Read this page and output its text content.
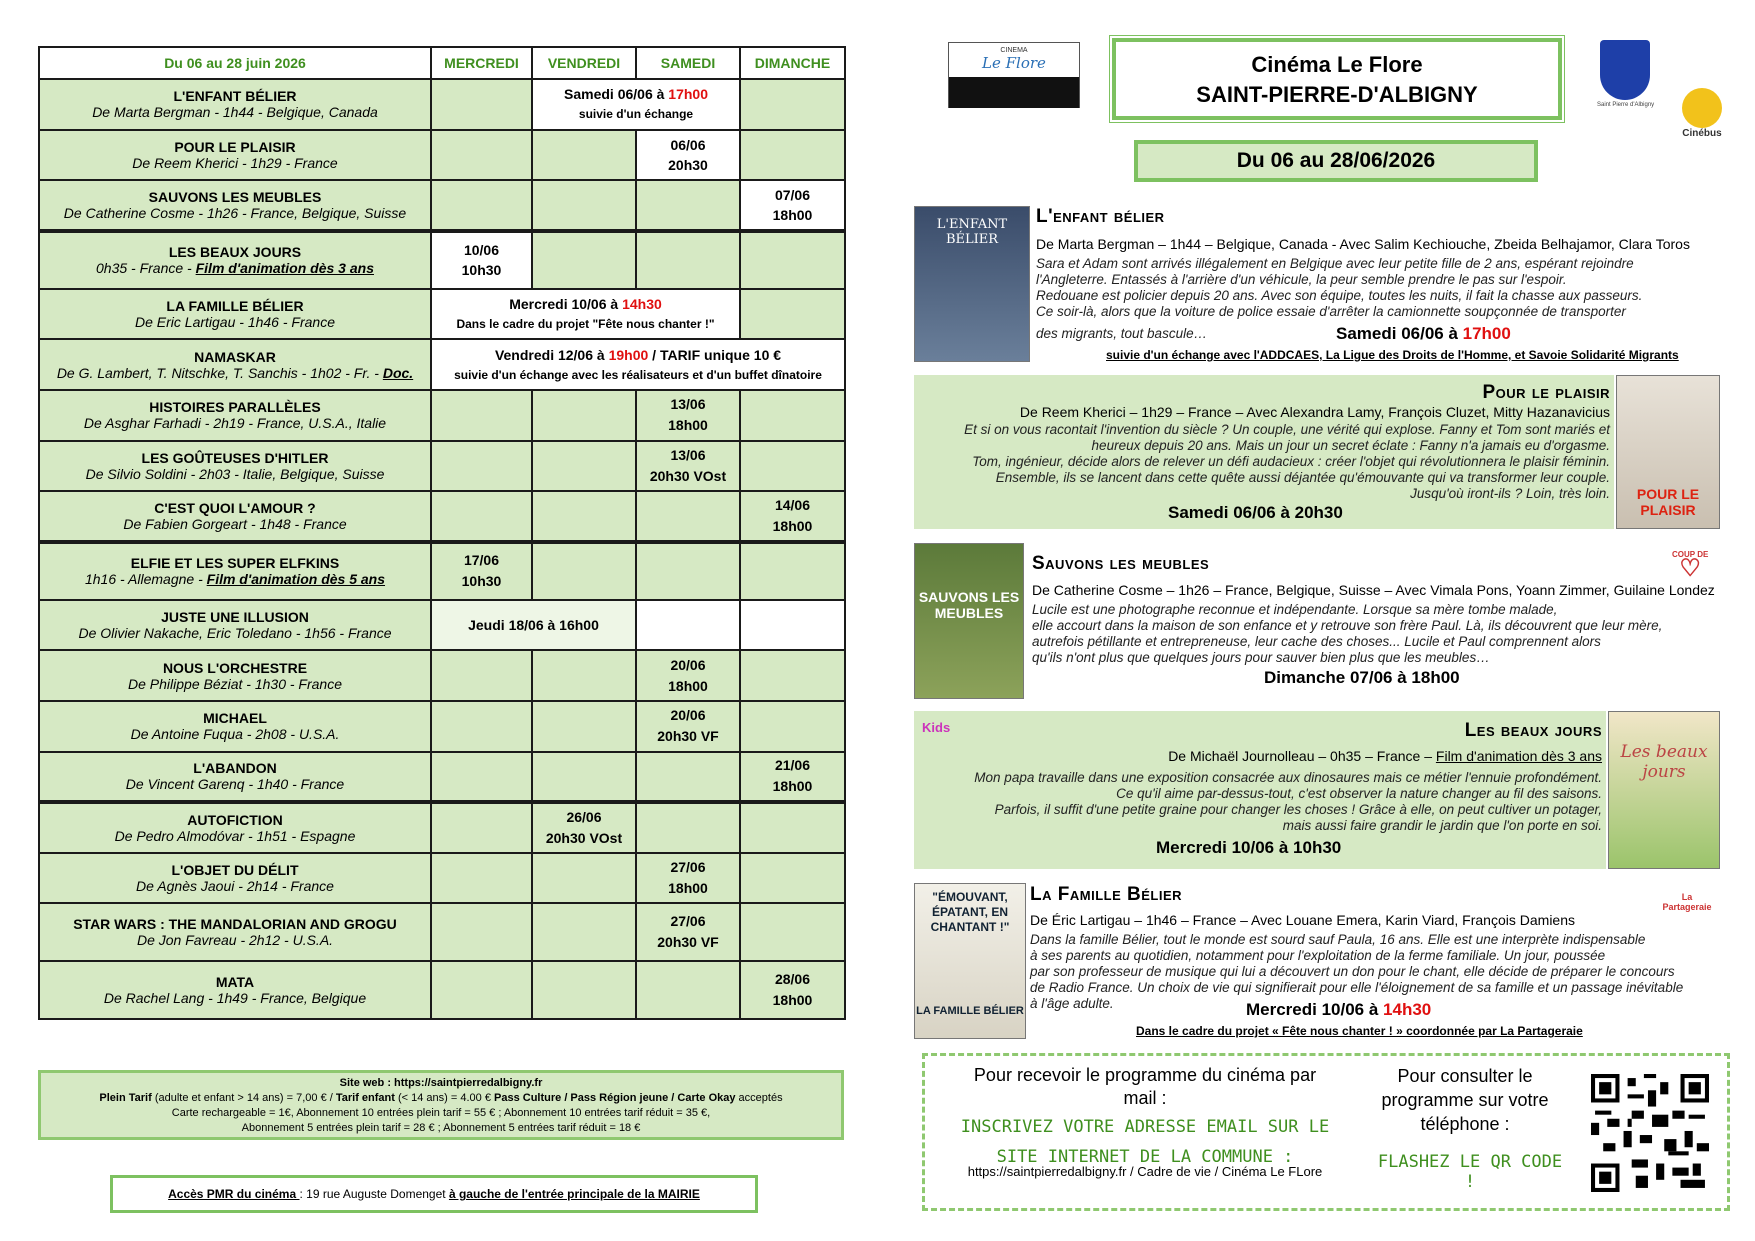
Du 06 au 28 juin 2026	MERCREDI	VENDREDI	SAMEDI	DIMANCHE

L'ENFANT BÉLIER
De Marta Bergman - 1h44 - Belgique, Canada		Samedi 06/06 à 17h00
suivie d'un échange		

POUR LE PLAISIR
De Reem Kherici - 1h29 - France			06/06
20h30	

SAUVONS LES MEUBLES
De Catherine Cosme - 1h26 - France, Belgique, Suisse				07/06
18h00

LES BEAUX JOURS
0h35 - France - Film d'animation dès 3 ans	10/06
10h30			

LA FAMILLE BÉLIER
De Eric Lartigau - 1h46 - France	Mercredi 10/06 à 14h30
Dans le cadre du projet "Fête nous chanter !"			

NAMASKAR
De G. Lambert, T. Nitschke, T. Sanchis - 1h02 - Fr. - Doc.	Vendredi 12/06 à 19h00 / TARIF unique 10 €
suivie d'un échange avec les réalisateurs et d'un buffet dînatoire			

HISTOIRES PARALLÈLES
De Asghar Farhadi - 2h19 - France, U.S.A., Italie			13/06
18h00	

LES GOÛTEUSES D'HITLER
De Silvio Soldini - 2h03 - Italie, Belgique, Suisse			13/06
20h30 VOst	

C'EST QUOI L'AMOUR ?
De Fabien Gorgeart - 1h48 - France				14/06
18h00

ELFIE ET LES SUPER ELFKINS
1h16 - Allemagne - Film d'animation dès 5 ans	17/06
10h30			

JUSTE UNE ILLUSION
De Olivier Nakache, Eric Toledano - 1h56 - France	Jeudi 18/06 à 16h00			

NOUS L'ORCHESTRE
De Philippe Béziat - 1h30 - France			20/06
18h00	

MICHAEL
De Antoine Fuqua - 2h08 - U.S.A.			20/06
20h30 VF	

L'ABANDON
De Vincent Garenq - 1h40 - France				21/06
18h00

AUTOFICTION
De Pedro Almodóvar - 1h51 - Espagne		26/06
20h30 VOst		

L'OBJET DU DÉLIT
De Agnès Jaoui - 2h14 - France			27/06
18h00	

STAR WARS : THE MANDALORIAN AND GROGU
De Jon Favreau - 2h12 - U.S.A.			27/06
20h30 VF	

MATA
De Rachel Lang - 1h49 - France, Belgique				28/06
18h00
Site web : https://saintpierredalbigny.fr
Plein Tarif (adulte et enfant > 14 ans) = 7,00 € / Tarif enfant (< 14 ans) = 4.00 € Pass Culture / Pass Région jeune / Carte Okay acceptés
Carte rechargeable = 1€, Abonnement 10 entrées plein tarif = 55 € ; Abonnement 10 entrées tarif réduit = 35 €,
Abonnement 5 entrées plein tarif = 28 € ; Abonnement 5 entrées tarif réduit = 18 €
Accès PMR du cinéma : 19 rue Auguste Domenget à gauche de l'entrée principale de la MAIRIE
CINEMA
Le Flore	Cinéma Le Flore
SAINT-PIERRE-D'ALBIGNY
Du 06 au 28/06/2026
Saint Pierre d'Albigny
Cinébus
L'ENFANT BÉLIER
L'enfant bélier
De Marta Bergman – 1h44 – Belgique, Canada - Avec Salim Kechiouche, Zbeida Belhajamor, Clara Toros
Sara et Adam sont arrivés illégalement en Belgique avec leur petite fille de 2 ans, espérant rejoindre
l'Angleterre. Entassés à l'arrière d'un véhicule, la peur semble prendre le pas sur l'espoir.
Redouane est policier depuis 20 ans. Avec son équipe, toutes les nuits, il fait la chasse aux passeurs.
Ce soir-là, alors que la voiture de police essaie d'arrêter la camionnette soupçonnée de transporter
des migrants, tout bascule…	Samedi 06/06 à 17h00
suivie d'un échange avec l'ADDCAES, La Ligue des Droits de l'Homme, et Savoie Solidarité Migrants
POUR LE PLAISIR
Pour le plaisir
De Reem Kherici – 1h29 – France – Avec Alexandra Lamy, François Cluzet, Mitty Hazanavicius
Et si on vous racontait l'invention du siècle ? Un couple, une vérité qui explose. Fanny et Tom sont mariés et
heureux depuis 20 ans. Mais un jour un secret éclate : Fanny n'a jamais eu d'orgasme.
Tom, ingénieur, décide alors de relever un défi audacieux : créer l'objet qui révolutionnera le plaisir féminin.
Ensemble, ils se lancent dans cette quête aussi déjantée qu'émouvante qui va transformer leur couple.
Jusqu'où iront-ils ? Loin, très loin.
Samedi 06/06 à 20h30
SAUVONS LES MEUBLES
Sauvons les meubles
De Catherine Cosme – 1h26 – France, Belgique, Suisse – Avec Vimala Pons, Yoann Zimmer, Guilaine Londez
Lucile est une photographe reconnue et indépendante. Lorsque sa mère tombe malade,
elle accourt dans la maison de son enfance et y retrouve son frère Paul. Là, ils découvrent que leur mère,
autrefois pétillante et entrepreneuse, leur cache des choses... Lucile et Paul comprennent alors
qu'ils n'ont plus que quelques jours pour sauver bien plus que les meubles…
Dimanche 07/06 à 18h00
COUP DE
♡
Les beaux jours
Kids	Les beaux jours
De Michaël Journolleau – 0h35 – France – Film d'animation dès 3 ans
Mon papa travaille dans une exposition consacrée aux dinosaures mais ce métier l'ennuie profondément.
Ce qu'il aime par-dessus-tout, c'est observer la nature changer au fil des saisons.
Parfois, il suffit d'une petite graine pour changer les choses ! Grâce à elle, on peut cultiver un potager,
mais aussi faire grandir le jardin que l'on porte en soi.
Mercredi 10/06 à 10h30
"ÉMOUVANT, ÉPATANT, EN CHANTANT !"
LA FAMILLE BÉLIER
La Famille Bélier
De Éric Lartigau – 1h46 – France – Avec Louane Emera, Karin Viard, François Damiens
Dans la famille Bélier, tout le monde est sourd sauf Paula, 16 ans. Elle est une interprète indispensable
à ses parents au quotidien, notamment pour l'exploitation de la ferme familiale. Un jour, poussée
par son professeur de musique qui lui a découvert un don pour le chant, elle décide de préparer le concours
de Radio France. Un choix de vie qui signifierait pour elle l'éloignement de sa famille et un passage inévitable
à l'âge adulte.	Mercredi 10/06 à 14h30
Dans le cadre du projet « Fête nous chanter ! » coordonnée par La Partageraie
La Partageraie
Pour recevoir le programme du cinéma par mail :
INSCRIVEZ VOTRE ADRESSE EMAIL SUR LE SITE INTERNET DE LA COMMUNE :
https://saintpierredalbigny.fr / Cadre de vie / Cinéma Le FLore
Pour consulter le programme sur votre téléphone :
FLASHEZ LE QR CODE !
